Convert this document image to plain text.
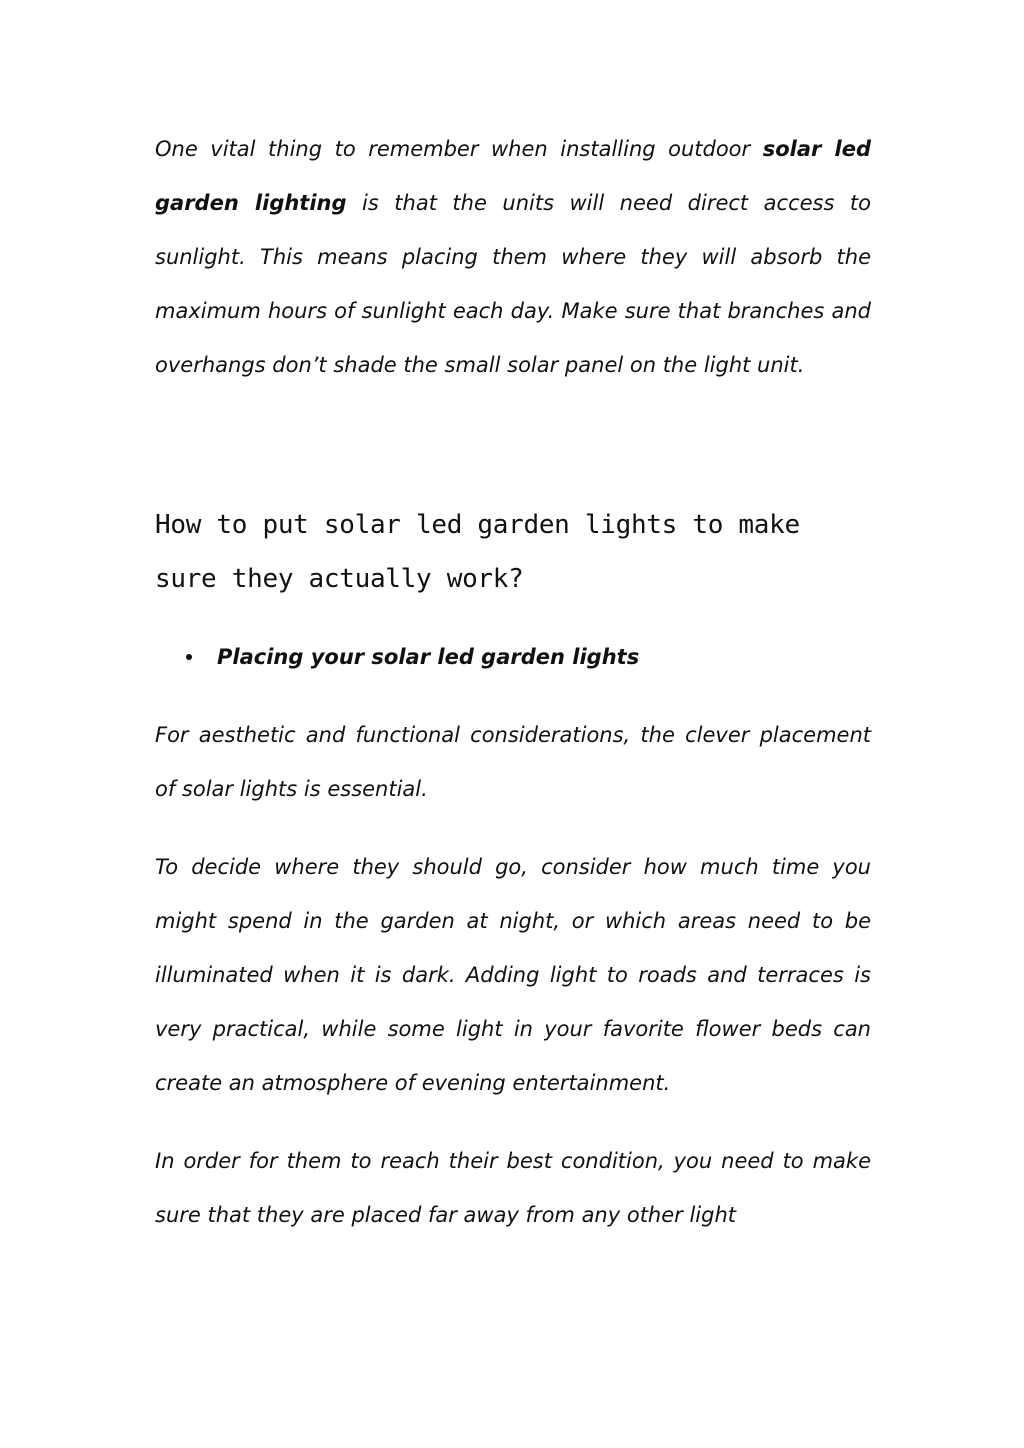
One vital thing to remember when installing outdoor solar led garden lighting is that the units will need direct access to sunlight. This means placing them where they will absorb the maximum hours of sunlight each day. Make sure that branches and overhangs don’t shade the small solar panel on the light unit.

How to put solar led garden lights to make sure they actually work?
Placing your solar led garden lights

For aesthetic and functional considerations, the clever placement of solar lights is essential.

To decide where they should go, consider how much time you might spend in the garden at night, or which areas need to be illuminated when it is dark. Adding light to roads and terraces is very practical, while some light in your favorite flower beds can create an atmosphere of evening entertainment.

In order for them to reach their best condition, you need to make sure that they are placed far away from any other light
